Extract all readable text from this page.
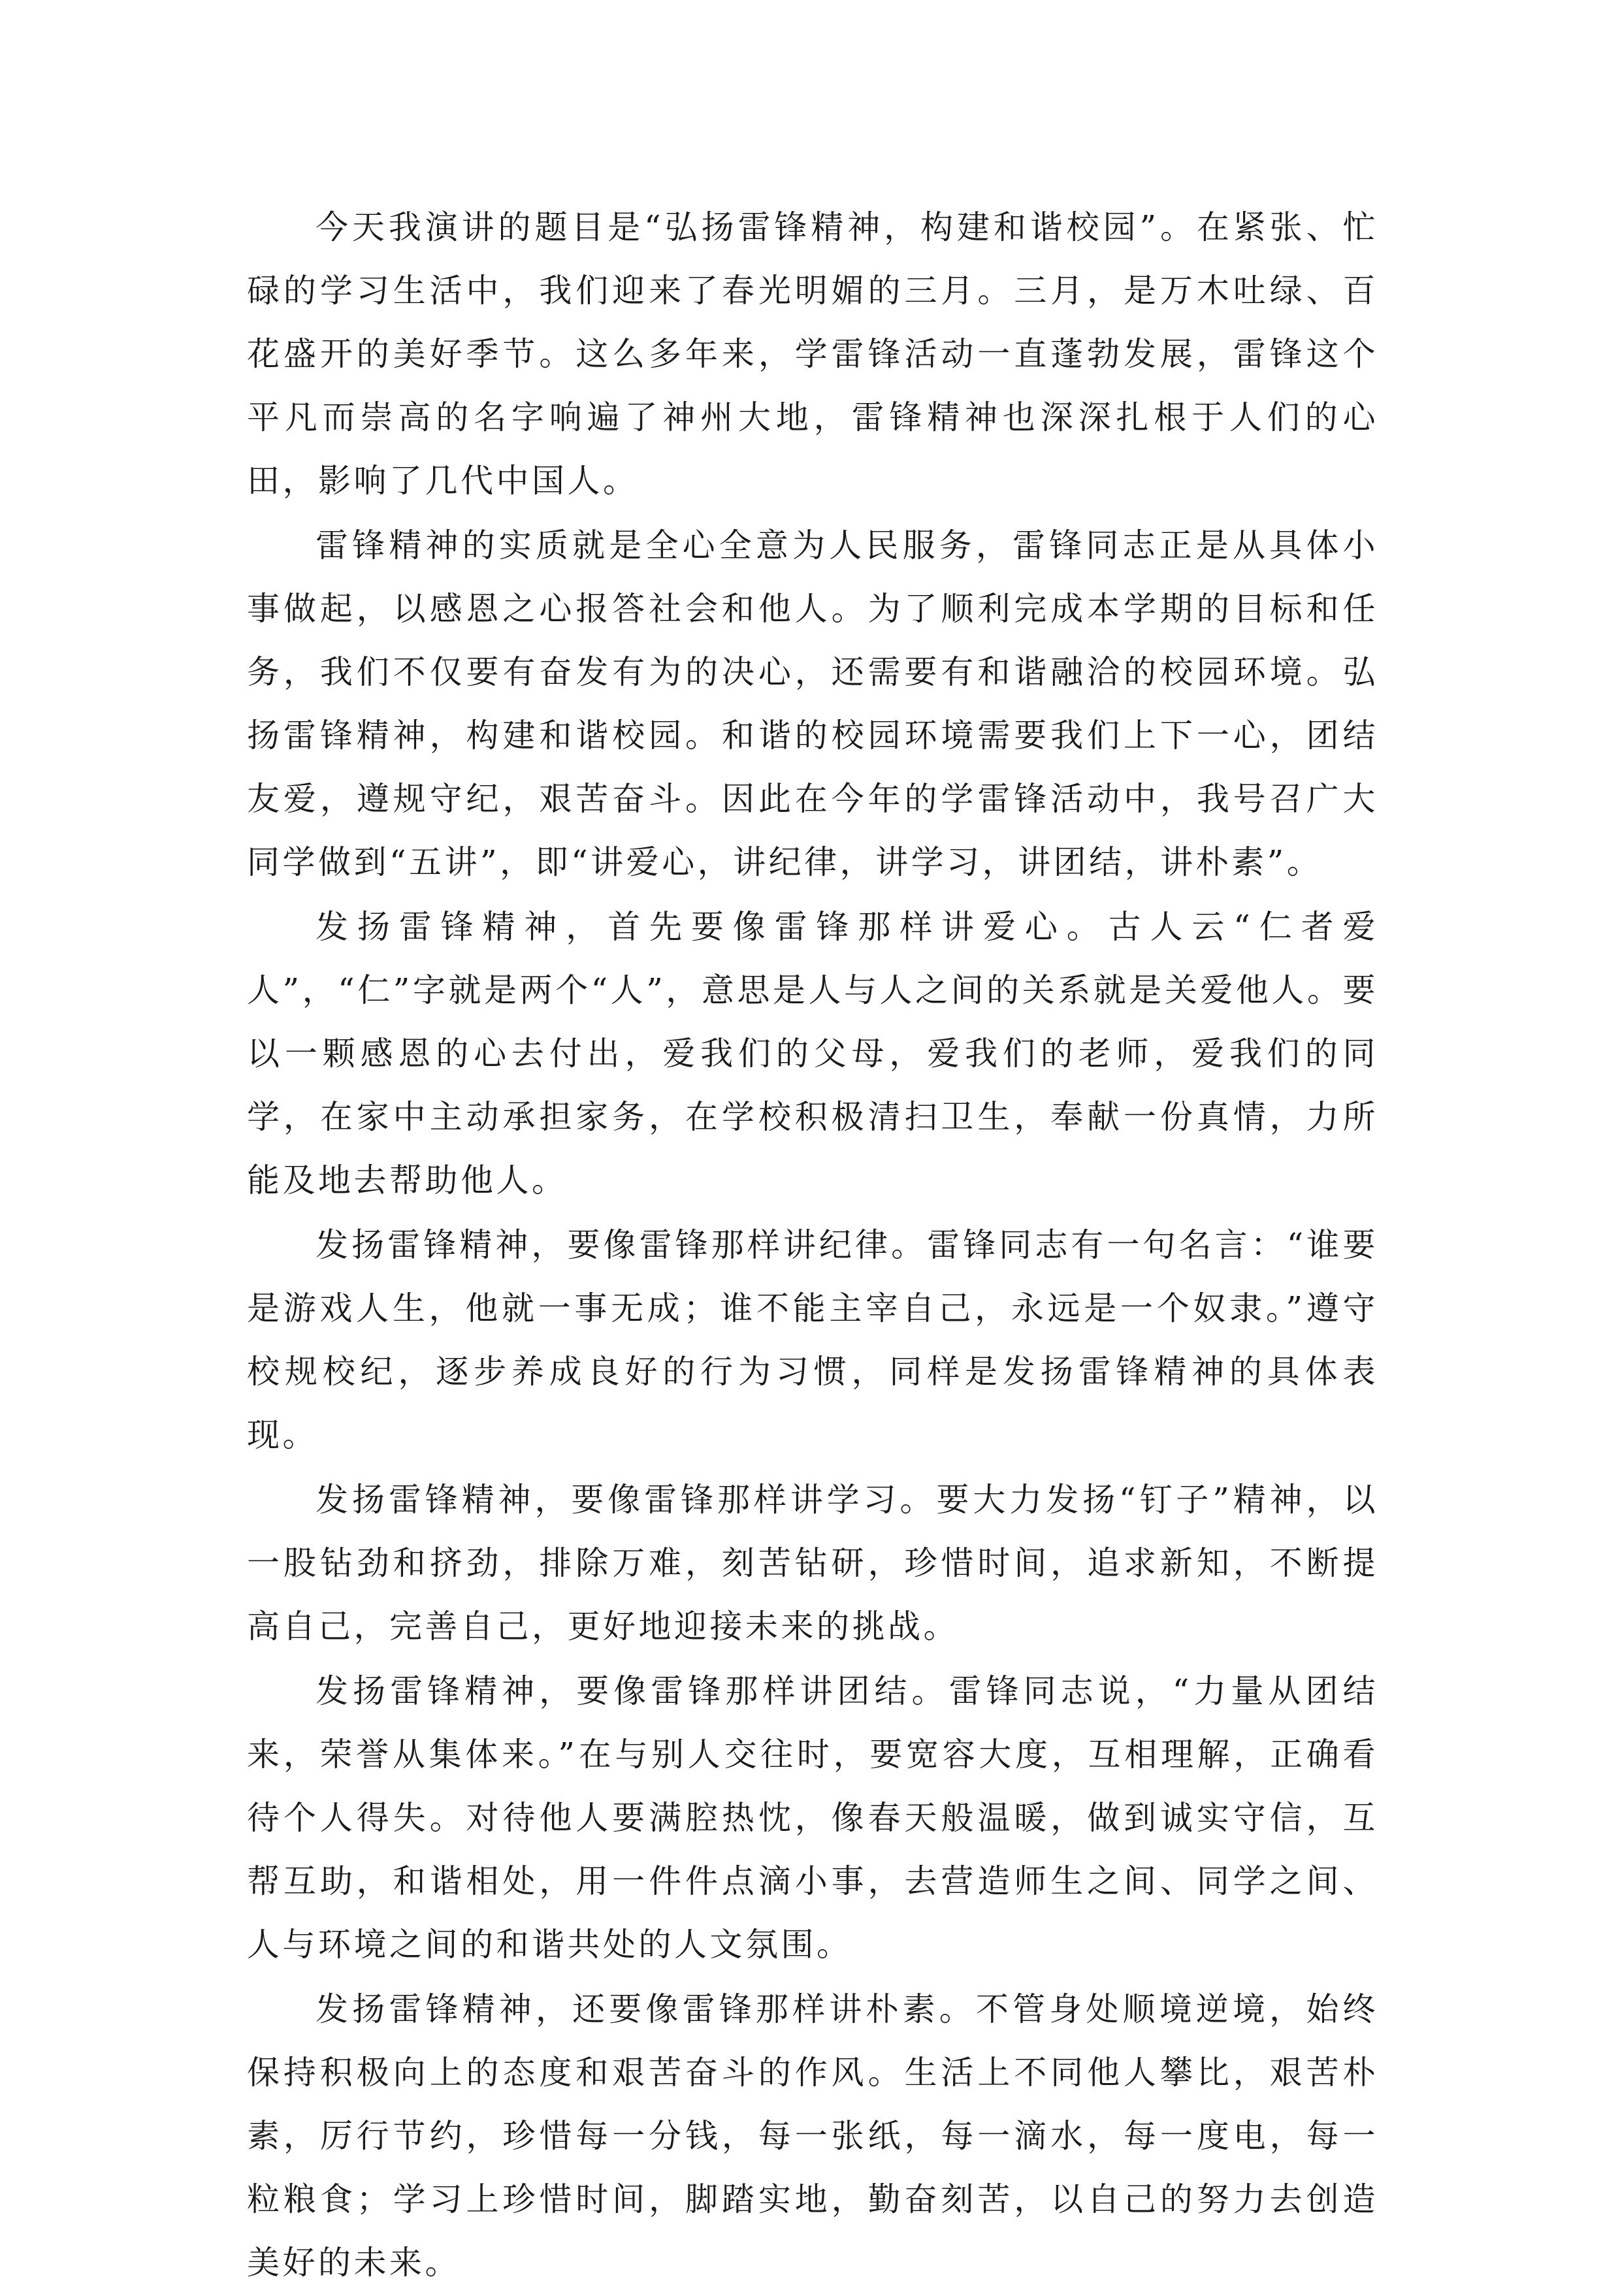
今天我演讲的题目是“弘扬雷锋精神，构建和谐校园”。在紧张、忙碌的学习生活中，我们迎来了春光明媚的三月。三月，是万木吐绿、百花盛开的美好季节。这么多年来，学雷锋活动一直蓬勃发展，雷锋这个平凡而崇高的名字响遍了神州大地，雷锋精神也深深扎根于人们的心田，影响了几代中国人。

雷锋精神的实质就是全心全意为人民服务，雷锋同志正是从具体小事做起，以感恩之心报答社会和他人。为了顺利完成本学期的目标和任务，我们不仅要有奋发有为的决心，还需要有和谐融洽的校园环境。弘扬雷锋精神，构建和谐校园。和谐的校园环境需要我们上下一心，团结友爱，遵规守纪，艰苦奋斗。因此在今年的学雷锋活动中，我号召广大同学做到“五讲”，即“讲爱心，讲纪律，讲学习，讲团结，讲朴素”。

发扬雷锋精神，首先要像雷锋那样讲爱心。古人云“仁者爱人”，“仁”字就是两个“人”，意思是人与人之间的关系就是关爱他人。要以一颗感恩的心去付出，爱我们的父母，爱我们的老师，爱我们的同学，在家中主动承担家务，在学校积极清扫卫生，奉献一份真情，力所能及地去帮助他人。

发扬雷锋精神，要像雷锋那样讲纪律。雷锋同志有一句名言：“谁要是游戏人生，他就一事无成；谁不能主宰自己，永远是一个奴隶。”遵守校规校纪，逐步养成良好的行为习惯，同样是发扬雷锋精神的具体表现。

发扬雷锋精神，要像雷锋那样讲学习。要大力发扬“钉子”精神，以一股钻劲和挤劲，排除万难，刻苦钻研，珍惜时间，追求新知，不断提高自己，完善自己，更好地迎接未来的挑战。

发扬雷锋精神，要像雷锋那样讲团结。雷锋同志说，“力量从团结来，荣誉从集体来。”在与别人交往时，要宽容大度，互相理解，正确看待个人得失。对待他人要满腔热忱，像春天般温暖，做到诚实守信，互帮互助，和谐相处，用一件件点滴小事，去营造师生之间、同学之间、人与环境之间的和谐共处的人文氛围。

发扬雷锋精神，还要像雷锋那样讲朴素。不管身处顺境逆境，始终保持积极向上的态度和艰苦奋斗的作风。生活上不同他人攀比，艰苦朴素，厉行节约，珍惜每一分钱，每一张纸，每一滴水，每一度电，每一粒粮食；学习上珍惜时间，脚踏实地，勤奋刻苦，以自己的努力去创造美好的未来。
